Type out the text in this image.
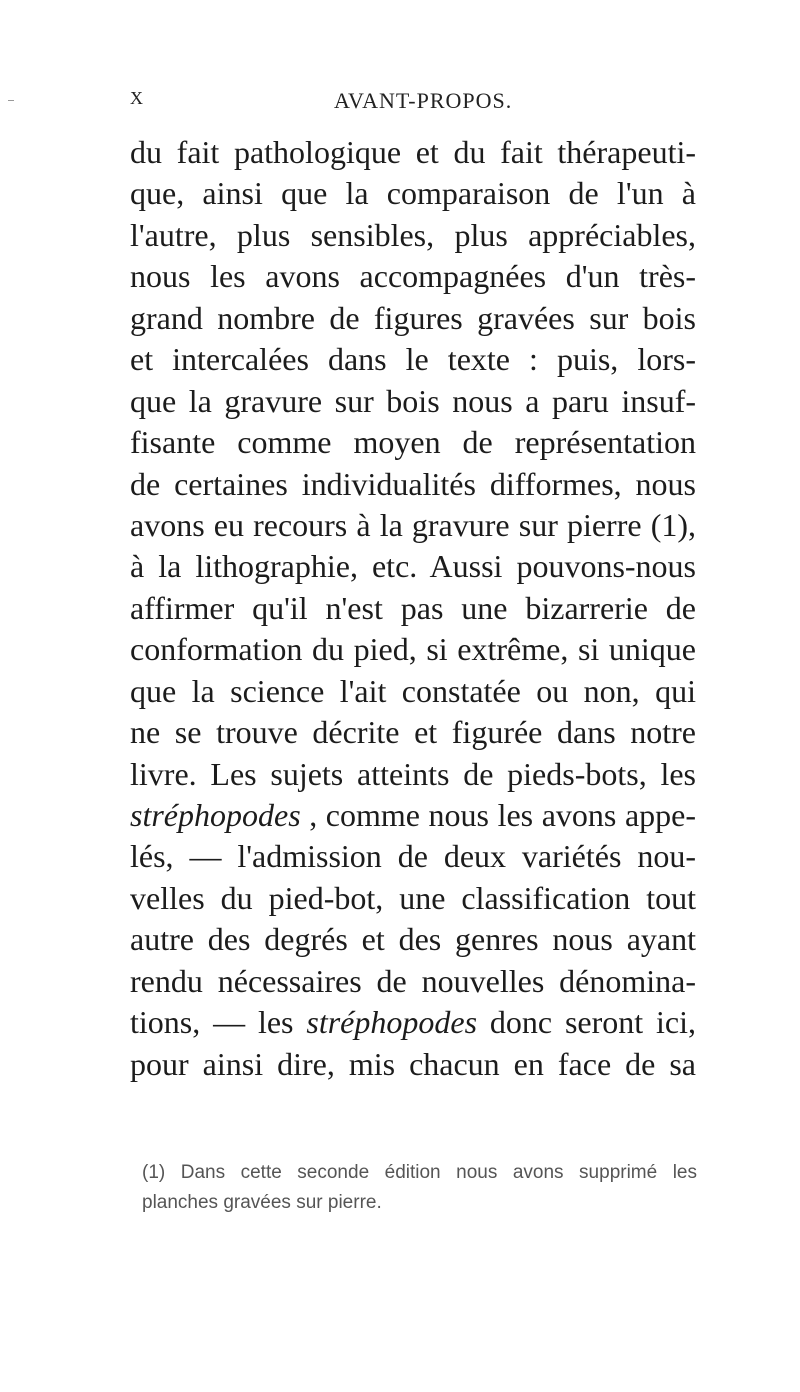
X	AVANT-PROPOS.
du fait pathologique et du fait thérapeuti-
que, ainsi que la comparaison de l'un à
l'autre, plus sensibles, plus appréciables,
nous les avons accompagnées d'un très-
grand nombre de figures gravées sur bois
et intercalées dans le texte : puis, lors-
que la gravure sur bois nous a paru insuf-
fisante comme moyen de représentation
de certaines individualités difformes, nous
avons eu recours à la gravure sur pierre (1),
à la lithographie, etc. Aussi pouvons-nous
affirmer qu'il n'est pas une bizarrerie de
conformation du pied, si extrême, si unique
que la science l'ait constatée ou non, qui
ne se trouve décrite et figurée dans notre
livre. Les sujets atteints de pieds-bots, les
stréphopodes , comme nous les avons appe-
lés, — l'admission de deux variétés nou-
velles du pied-bot, une classification tout
autre des degrés et des genres nous ayant
rendu nécessaires de nouvelles dénomina-
tions, — les stréphopodes donc seront ici,
pour ainsi dire, mis chacun en face de sa
(1) Dans cette seconde édition nous avons supprimé les
planches gravées sur pierre.
